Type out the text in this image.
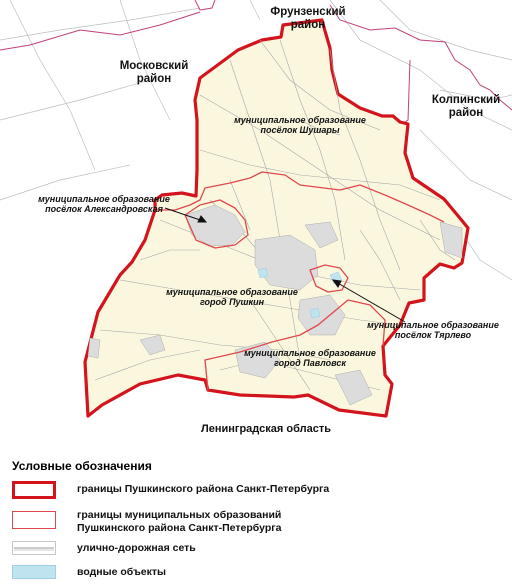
Фрунзенский
район
Московский
район
Колпинский
район
муниципальное образование
посёлок Шушары
муниципальное образование
посёлок Александровская
муниципальное образование
город Пушкин
муниципальное образование
посёлок Тярлево
муниципальное образование
город Павловск
Ленинградская область
Условные обозначения
границы Пушкинского района Санкт-Петербурга
границы муниципальных образований
Пушкинского района Санкт-Петербурга
улично-дорожная сеть
водные объекты
